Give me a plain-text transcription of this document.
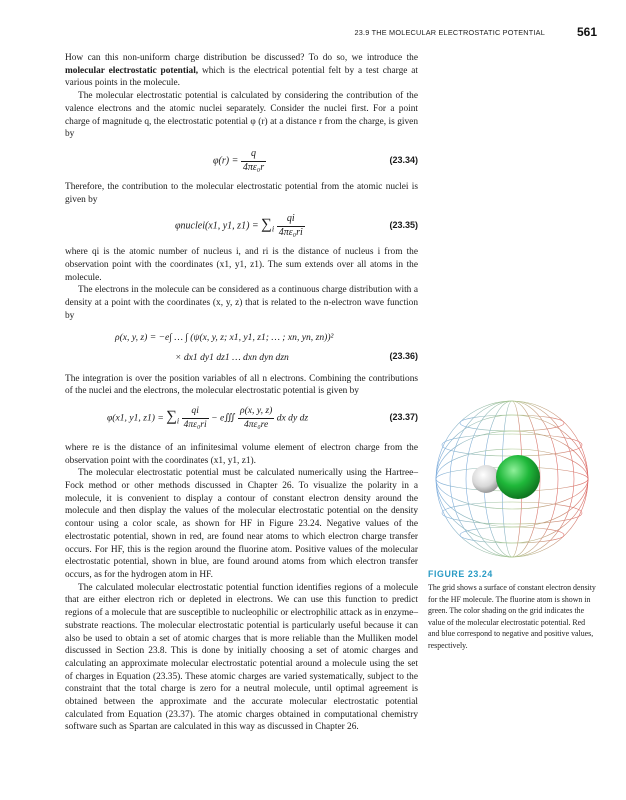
23.9 THE MOLECULAR ELECTROSTATIC POTENTIAL	561

How can this non-uniform charge distribution be discussed? To do so, we introduce the molecular electrostatic potential, which is the electrical potential felt by a test charge at various points in the molecule.

The molecular electrostatic potential is calculated by considering the contribution of the valence electrons and the atomic nuclei separately. Consider the nuclei first. For a point charge of magnitude q, the electrostatic potential φ (r) at a distance r from the charge, is given by

$\varphi(r) = \frac{q}{\text{4πε₀r}}$	(23.34)

Therefore, the contribution to the molecular electrostatic potential from the atomic nuclei is given by

φnuclei(x1, y1, $z1) = \sum_i \frac{qi}{\text{4πε₀ri}}$	(23.35)

where qi is the atomic number of nucleus i, and ri is the distance of nucleus i from the observation point with the coordinates (x1, y1, z1). The sum extends over all atoms in the molecule.

The electrons in the molecule can be considered as a continuous charge distribution with a density at a point with the coordinates (x, y, z) that is related to the n-electron wave function by

ρ(x, y, z) = −e∫ … ∫ (ψ(x, y, z; x1, y1, z1; … ; xn, yn, zn))²
× dx1 dy1 dz1 … dxn dyn dzn	(23.36)

The integration is over the position variables of all n electrons. Combining the contributions of the nuclei and the electrons, the molecular electrostatic potential is given by

φ(x1, y1, $z1) = \sum_i \frac{qi}{\text{4πε₀ri}}$ − e∭ $\frac{\rho(x, y, z)}{\text{4πε₀re}}$ dx dy dz	(23.37)

where re is the distance of an infinitesimal volume element of electron charge from the observation point with the coordinates (x1, y1, z1).

The molecular electrostatic potential must be calculated numerically using the Hartree–Fock method or other methods discussed in Chapter 26. To visualize the polarity in a molecule, it is convenient to display a contour of constant electron density around the molecule and then display the values of the molecular electrostatic potential on the density contour using a color scale, as shown for HF in Figure 23.24. Negative values of the electrostatic potential, shown in red, are found near atoms to which electron charge transfer occurs. For HF, this is the region around the fluorine atom. Positive values of the molecular electrostatic potential, shown in blue, are found around atoms from which electron transfer occurs, as for the hydrogen atom in HF.

The calculated molecular electrostatic potential function identifies regions of a molecule that are either electron rich or depleted in electrons. We can use this function to predict regions of a molecule that are susceptible to nucleophilic or electrophilic attack as in enzyme–substrate reactions. The molecular electrostatic potential is particularly useful because it can also be used to obtain a set of atomic charges that is more reliable than the Mulliken model discussed in Section 23.8. This is done by initially choosing a set of atomic charges and calculating an approximate molecular electrostatic potential around a molecule using the set of charges in Equation (23.35). These atomic charges are varied systematically, subject to the constraint that the total charge is zero for a neutral molecule, until optimal agreement is obtained between the approximate and the accurate molecular electrostatic potential calculated from Equation (23.37). The atomic charges obtained in computational chemistry software such as Spartan are calculated in this way as discussed in Chapter 26.

FIGURE 23.24
The grid shows a surface of constant electron density for the HF molecule. The fluorine atom is shown in green. The color shading on the grid indicates the value of the molecular electrostatic potential. Red and blue correspond to negative and positive values, respectively.
